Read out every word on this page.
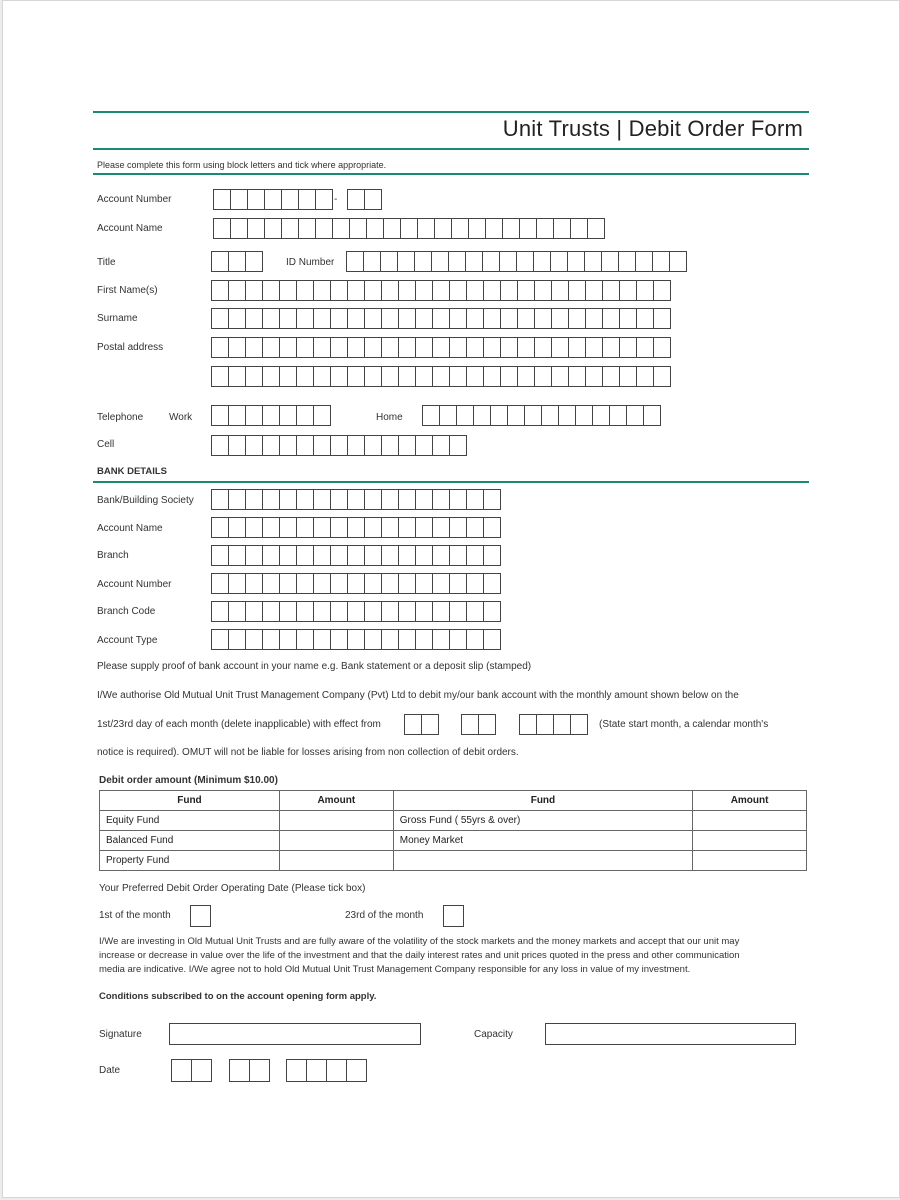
Unit Trusts | Debit Order Form
Please complete this form using block letters and tick where appropriate.
Account Number	-
Account Name
Title	ID Number
First Name(s)
Surname
Postal address
Telephone	Work	Home
Cell
BANK DETAILS
Bank/Building Society
Account Name
Branch
Account Number
Branch Code
Account Type
Please supply proof of bank account in your name e.g. Bank statement or a deposit slip (stamped)
I/We authorise Old Mutual Unit Trust Management Company (Pvt) Ltd to debit my/our bank account with the monthly amount shown below on the
1st/23rd day of each month (delete inapplicable) with effect from	(State start month, a calendar month's
notice is required). OMUT will not be liable for losses arising from non collection of debit orders.
Debit order amount (Minimum $10.00)
Fund	Amount	Fund	Amount
Equity Fund		Gross Fund ( 55yrs & over)	
Balanced Fund		Money Market	
Property Fund			
Your Preferred Debit Order Operating Date (Please tick box)
1st of the month	23rd of the month
I/We are investing in Old Mutual Unit Trusts and are fully aware of the volatility of the stock markets and the money markets and accept that our unit may
increase or decrease in value over the life of the investment and that the daily interest rates and unit prices quoted in the press and other communication
media are indicative. I/We agree not to hold Old Mutual Unit Trust Management Company responsible for any loss in value of my investment.
Conditions subscribed to on the account opening form apply.
Signature	Capacity
Date
